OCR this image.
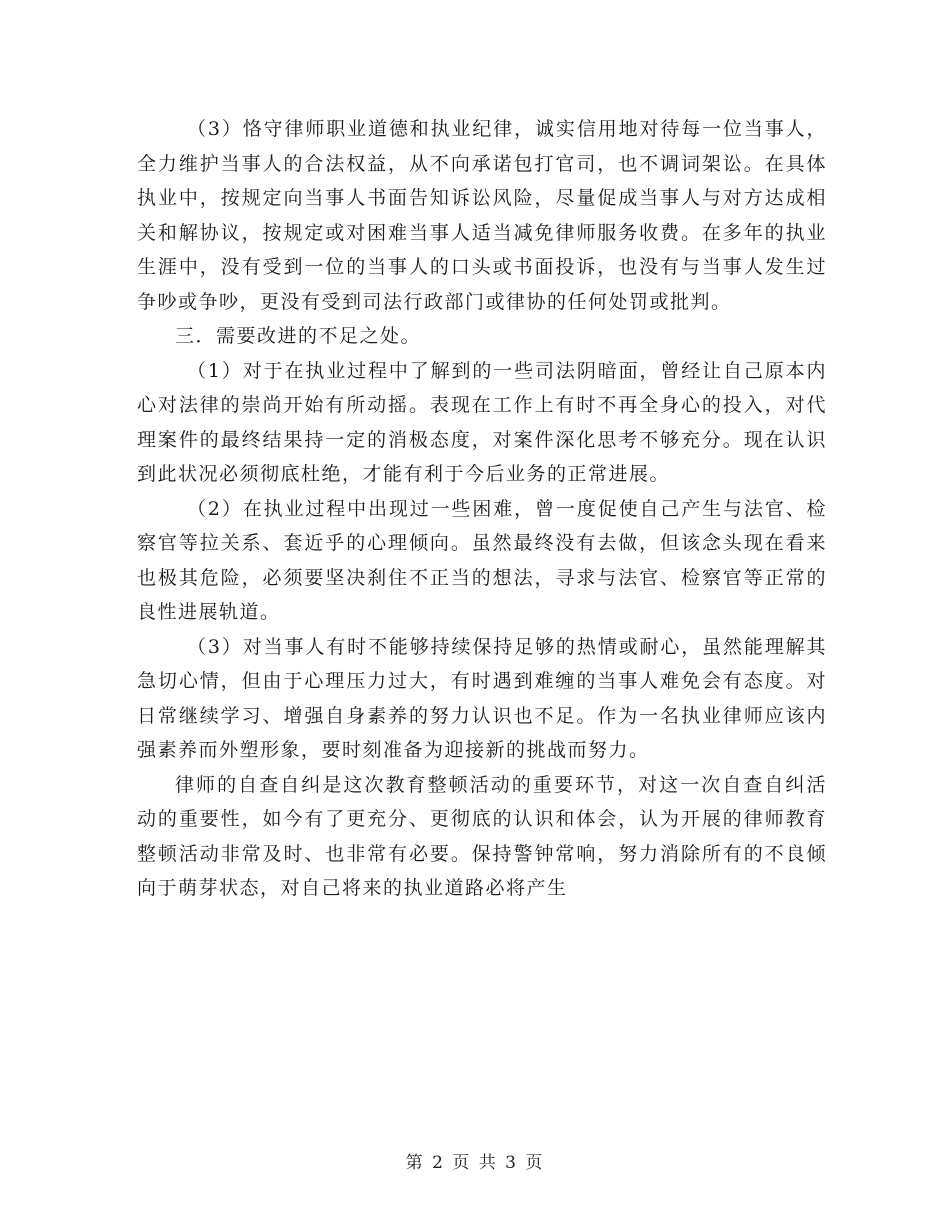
（3）恪守律师职业道德和执业纪律，诚实信用地对待每一位当事人，全力维护当事人的合法权益，从不向承诺包打官司，也不调词架讼。在具体执业中，按规定向当事人书面告知诉讼风险，尽量促成当事人与对方达成相关和解协议，按规定或对困难当事人适当减免律师服务收费。在多年的执业生涯中，没有受到一位的当事人的口头或书面投诉，也没有与当事人发生过争吵或争吵，更没有受到司法行政部门或律协的任何处罚或批判。

三．需要改进的不足之处。

（1）对于在执业过程中了解到的一些司法阴暗面，曾经让自己原本内心对法律的崇尚开始有所动摇。表现在工作上有时不再全身心的投入，对代理案件的最终结果持一定的消极态度，对案件深化思考不够充分。现在认识到此状况必须彻底杜绝，才能有利于今后业务的正常进展。

（2）在执业过程中出现过一些困难，曾一度促使自己产生与法官、检察官等拉关系、套近乎的心理倾向。虽然最终没有去做，但该念头现在看来也极其危险，必须要坚决刹住不正当的想法，寻求与法官、检察官等正常的良性进展轨道。

（3）对当事人有时不能够持续保持足够的热情或耐心，虽然能理解其急切心情，但由于心理压力过大，有时遇到难缠的当事人难免会有态度。对日常继续学习、增强自身素养的努力认识也不足。作为一名执业律师应该内强素养而外塑形象，要时刻准备为迎接新的挑战而努力。

律师的自查自纠是这次教育整顿活动的重要环节，对这一次自查自纠活动的重要性，如今有了更充分、更彻底的认识和体会，认为开展的律师教育整顿活动非常及时、也非常有必要。保持警钟常响，努力消除所有的不良倾向于萌芽状态，对自己将来的执业道路必将产生

第 2 页 共 3 页
